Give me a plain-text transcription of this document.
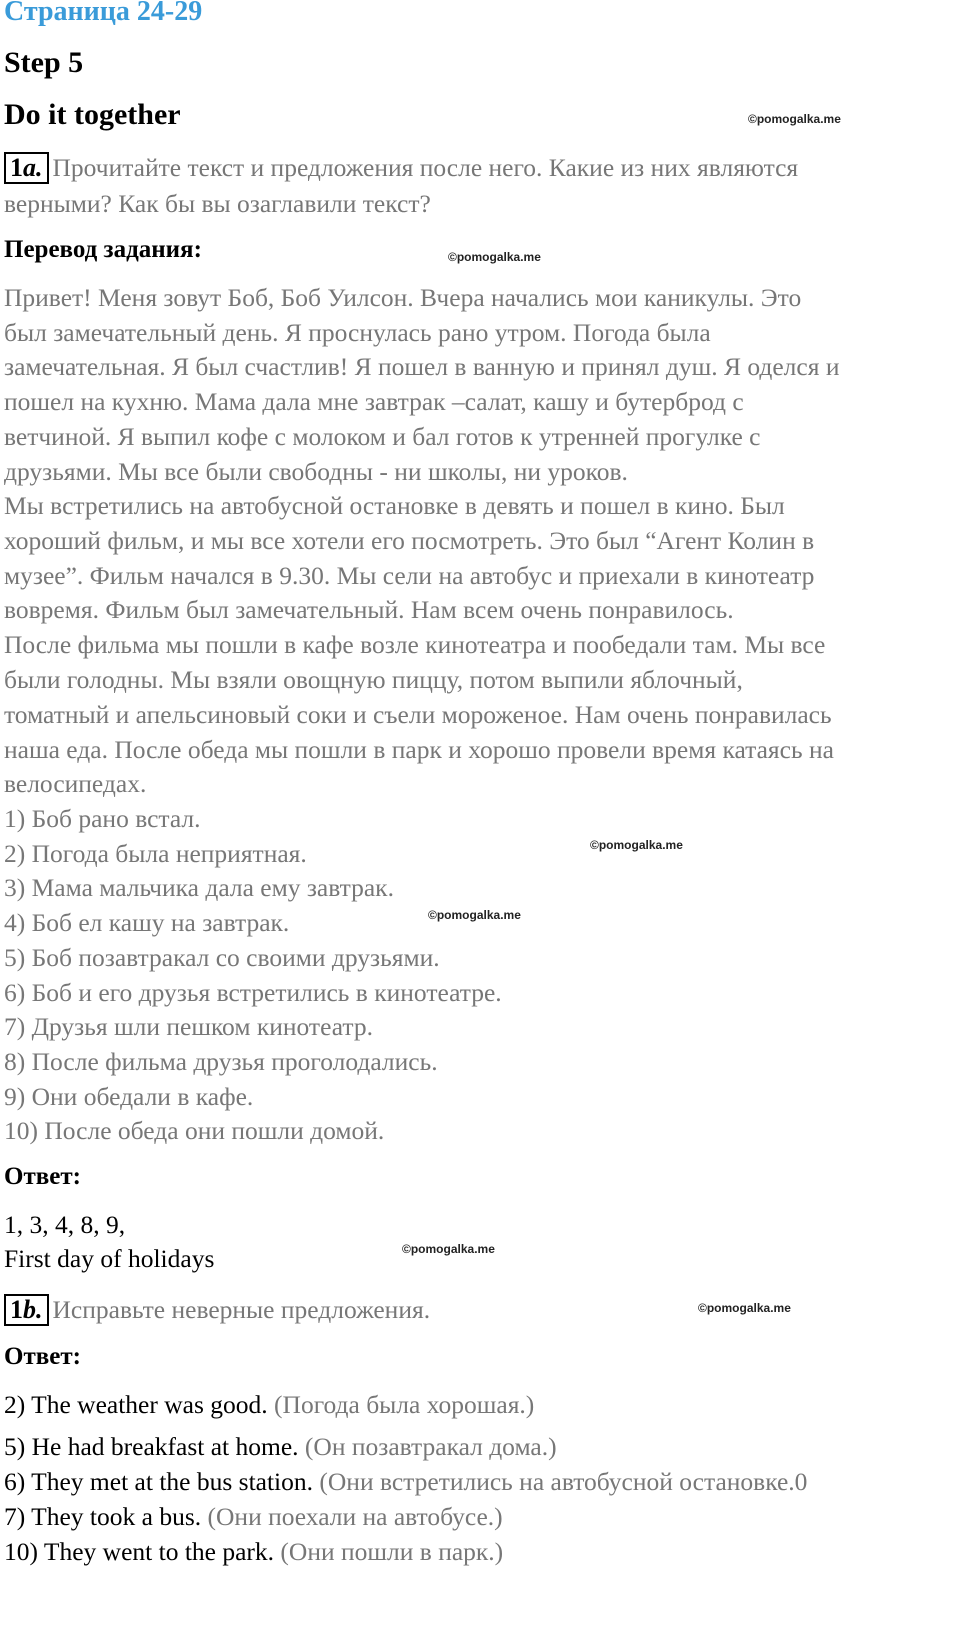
Страница 24-29
Step 5
Do it together	©pomogalka.me
1a. Прочитайте текст и предложения после него. Какие из них являются
верными? Как бы вы озаглавили текст?
Перевод задания:	©pomogalka.me
Привет! Меня зовут Боб, Боб Уилсон. Вчера начались мои каникулы. Это
был замечательный день. Я проснулась рано утром. Погода была
замечательная. Я был счастлив! Я пошел в ванную и принял душ. Я оделся и
пошел на кухню. Мама дала мне завтрак –салат, кашу и бутерброд с
ветчиной. Я выпил кофе с молоком и бал готов к утренней прогулке с
друзьями. Мы все были свободны - ни школы, ни уроков.
Мы встретились на автобусной остановке в девять и пошел в кино. Был
хороший фильм, и мы все хотели его посмотреть. Это был “Агент Колин в
музее”. Фильм начался в 9.30. Мы сели на автобус и приехали в кинотеатр
вовремя. Фильм был замечательный. Нам всем очень понравилось.
После фильма мы пошли в кафе возле кинотеатра и пообедали там. Мы все
были голодны. Мы взяли овощную пиццу, потом выпили яблочный,
томатный и апельсиновый соки и съели мороженое. Нам очень понравилась
наша еда. После обеда мы пошли в парк и хорошо провели время катаясь на
велосипедах.
1) Боб рано встал.
2) Погода была неприятная.	©pomogalka.me
3) Мама мальчика дала ему завтрак.
4) Боб ел кашу на завтрак.	©pomogalka.me
5) Боб позавтракал со своими друзьями.
6) Боб и его друзья встретились в кинотеатре.
7) Друзья шли пешком кинотеатр.
8) После фильма друзья проголодались.
9) Они обедали в кафе.
10) После обеда они пошли домой.
Ответ:
1, 3, 4, 8, 9,
First day of holidays	©pomogalka.me
1b. Исправьте неверные предложения.	©pomogalka.me
Ответ:
2) The weather was good. (Погода была хорошая.)
5) He had breakfast at home. (Он позавтракал дома.)
6) They met at the bus station. (Они встретились на автобусной остановке.0
7) They took a bus. (Они поехали на автобусе.)
10) They went to the park. (Они пошли в парк.)
